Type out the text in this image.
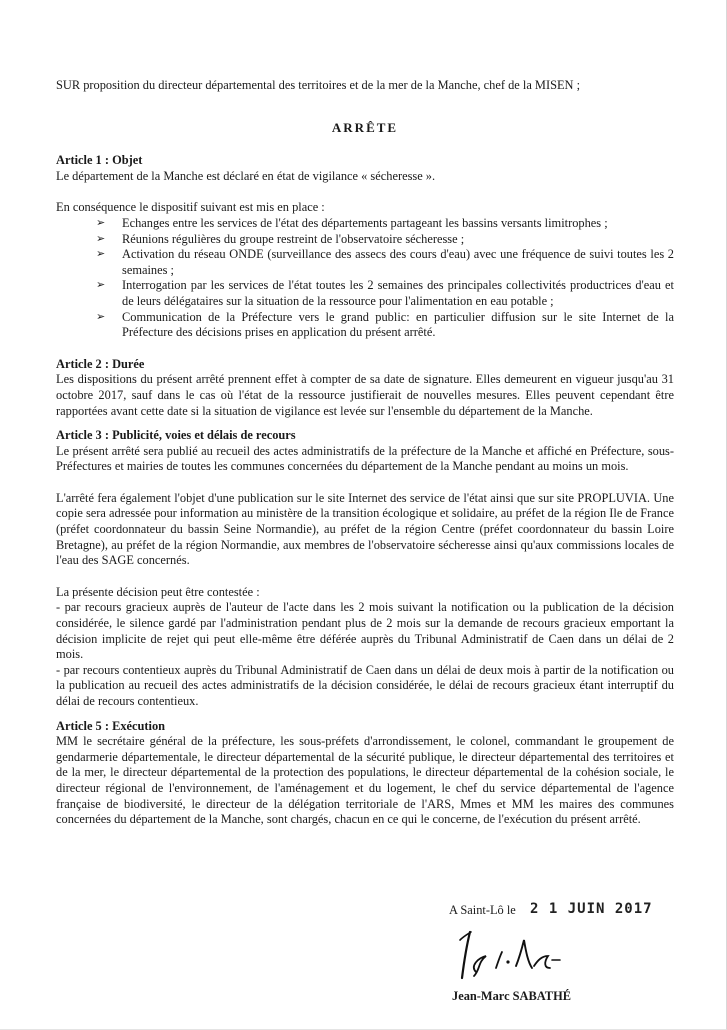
SUR proposition du directeur départemental des territoires et de la mer de la Manche, chef de la MISEN ;

ARRÊTE

Article 1 : Objet

Le département de la Manche est déclaré en état de vigilance « sécheresse ».

En conséquence le dispositif suivant est mis en place :

➢ Echanges entre les services de l'état des départements partageant les bassins versants limitrophes ;
➢ Réunions régulières du groupe restreint de l'observatoire sécheresse ;
➢ Activation du réseau ONDE (surveillance des assecs des cours d'eau) avec une fréquence de suivi toutes les 2 semaines ;
➢ Interrogation par les services de l'état toutes les 2 semaines des principales collectivités productrices d'eau et de leurs délégataires sur la situation de la ressource pour l'alimentation en eau potable ;
➢ Communication de la Préfecture vers le grand public: en particulier diffusion sur le site Internet de la Préfecture des décisions prises en application du présent arrêté.

Article 2 : Durée

Les dispositions du présent arrêté prennent effet à compter de sa date de signature. Elles demeurent en vigueur jusqu'au 31 octobre 2017, sauf dans le cas où l'état de la ressource justifierait de nouvelles mesures. Elles peuvent cependant être rapportées avant cette date si la situation de vigilance est levée sur l'ensemble du département de la Manche.

Article 3 : Publicité, voies et délais de recours

Le présent arrêté sera publié au recueil des actes administratifs de la préfecture de la Manche et affiché en Préfecture, sous-Préfectures et mairies de toutes les communes concernées du département de la Manche pendant au moins un mois.

L'arrêté fera également l'objet d'une publication sur le site Internet des service de l'état ainsi que sur site PROPLUVIA. Une copie sera adressée pour information au ministère de la transition écologique et solidaire, au préfet de la région Ile de France (préfet coordonnateur du bassin Seine Normandie), au préfet de la région Centre (préfet coordonnateur du bassin Loire Bretagne), au préfet de la région Normandie, aux membres de l'observatoire sécheresse ainsi qu'aux commissions locales de l'eau des SAGE concernés.

La présente décision peut être contestée :

- par recours gracieux auprès de l'auteur de l'acte dans les 2 mois suivant la notification ou la publication de la décision considérée, le silence gardé par l'administration pendant plus de 2 mois sur la demande de recours gracieux emportant la décision implicite de rejet qui peut elle-même être déférée auprès du Tribunal Administratif de Caen dans un délai de 2 mois.

- par recours contentieux auprès du Tribunal Administratif de Caen dans un délai de deux mois à partir de la notification ou la publication au recueil des actes administratifs de la décision considérée, le délai de recours gracieux étant interruptif du délai de recours contentieux.

Article 5 : Exécution

MM le secrétaire général de la préfecture, les sous-préfets d'arrondissement, le colonel, commandant le groupement de gendarmerie départementale, le directeur départemental de la sécurité publique, le directeur départemental des territoires et de la mer, le directeur départemental de la protection des populations, le directeur départemental de la cohésion sociale, le directeur régional de l'environnement, de l'aménagement et du logement, le chef du service départemental de l'agence française de biodiversité, le directeur de la délégation territoriale de l'ARS, Mmes et MM les maires des communes concernées du département de la Manche, sont chargés, chacun en ce qui le concerne, de l'exécution du présent arrêté.

A Saint-Lô le 2 1 JUIN 2017
Jean-Marc SABATHÉ
